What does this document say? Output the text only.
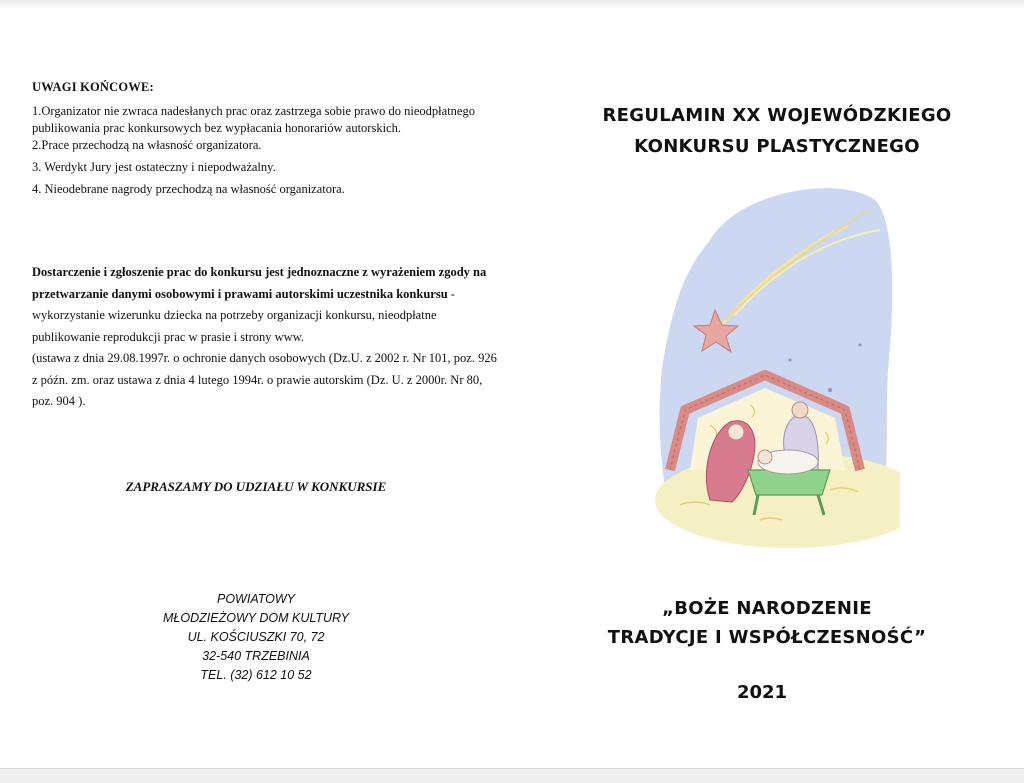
UWAGI KOŃCOWE:

1.Organizator nie zwraca nadesłanych prac oraz zastrzega sobie prawo do nieodpłatnego publikowania prac konkursowych bez wypłacania honorariów autorskich.

2.Prace przechodzą na własność organizatora.

3. Werdykt Jury jest ostateczny i niepodważalny.

4. Nieodebrane nagrody przechodzą na własność organizatora.

Dostarczenie i zgłoszenie prac do konkursu jest jednoznaczne z wyrażeniem zgody na przetwarzanie danymi osobowymi i prawami autorskimi uczestnika konkursu -wykorzystanie wizerunku dziecka na potrzeby organizacji konkursu, nieodpłatne publikowanie reprodukcji prac w prasie i strony www.
(ustawa z dnia 29.08.1997r. o ochronie danych osobowych (Dz.U. z 2002 r. Nr 101, poz. 926 z późn. zm. oraz ustawa z dnia 4 lutego 1994r. o prawie autorskim (Dz. U. z 2000r. Nr 80, poz. 904 ).
ZAPRASZAMY DO UDZIAŁU W KONKURSIE
POWIATOWY
MŁODZIEŻOWY DOM KULTURY
UL. KOŚCIUSZKI 70, 72
32-540 TRZEBINIA
TEL. (32) 612 10 52
REGULAMIN XX WOJEWÓDZKIEGO
KONKURSU PLASTYCZNEGO
„BOŻE NARODZENIE
TRADYCJE I WSPÓŁCZESNOŚĆ”
2021
